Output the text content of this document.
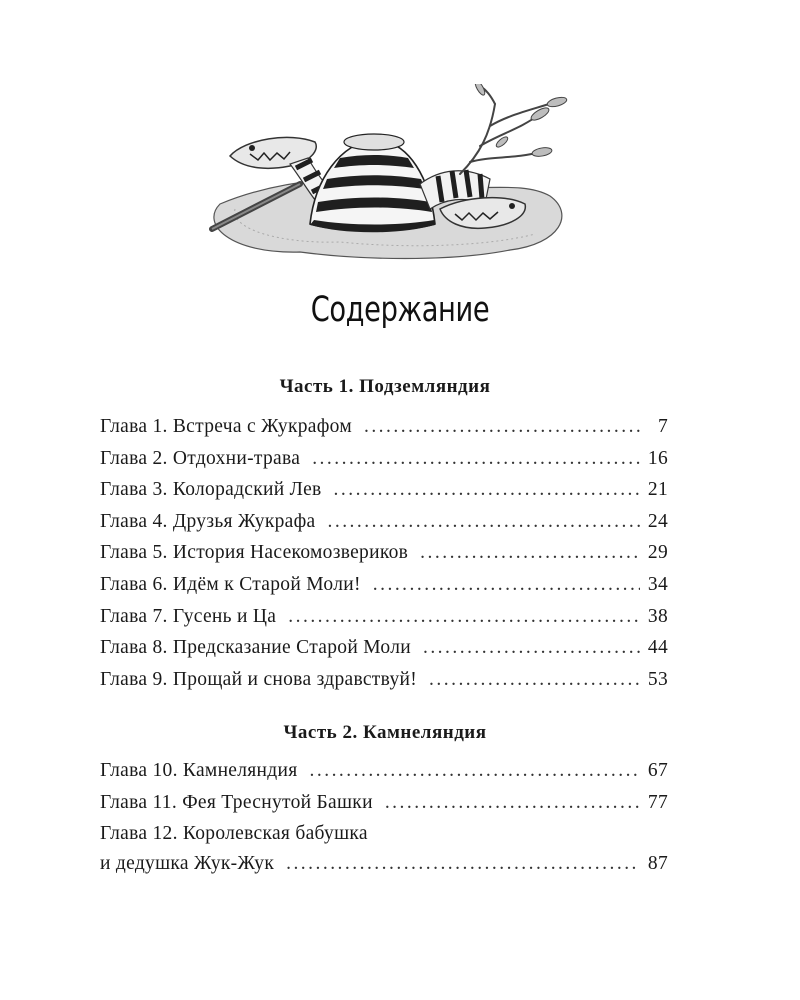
Содержание
Часть 1. Подземляндия
Глава 1. Встреча с Жукрафом . . .	7
Глава 2. Отдохни-трава . . .	16
Глава 3. Колорадский Лев . . .	21
Глава 4. Друзья Жукрафа . . .	24
Глава 5. История Насекомозвериков . . .	29
Глава 6. Идём к Старой Моли! . . .	34
Глава 7. Гусень и Ца . . .	38
Глава 8. Предсказание Старой Моли . . .	44
Глава 9. Прощай и снова здравствуй! . . .	53
Часть 2. Камнеляндия
Глава 10. Камнеляндия . . .	67
Глава 11. Фея Треснутой Башки . . .	77
Глава 12. Королевская бабушка
и дедушка Жук-Жук . . .	87
